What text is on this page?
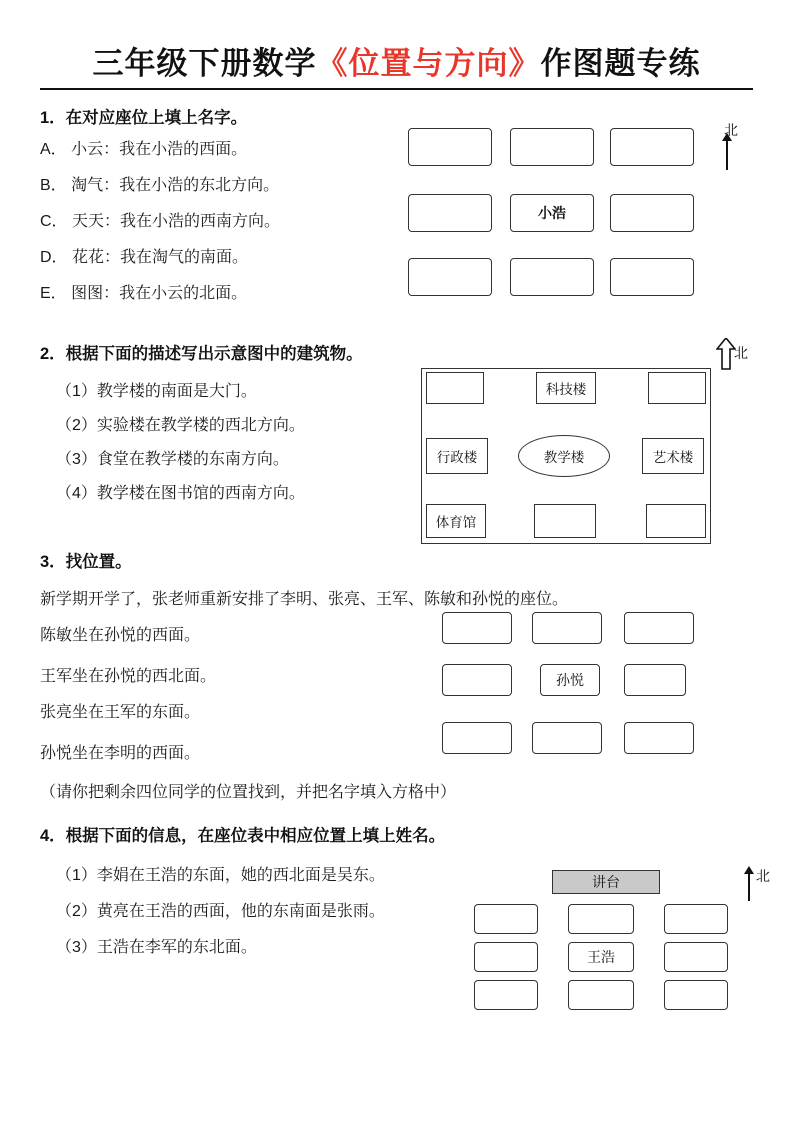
三年级下册数学《位置与方向》作图题专练
1．在对应座位上填上名字。
A． 小云：我在小浩的西面。
B． 淘气：我在小浩的东北方向。
C． 天天：我在小浩的西南方向。
D． 花花：我在淘气的南面。
E． 图图：我在小云的北面。
北
小浩
2．根据下面的描述写出示意图中的建筑物。
（1）教学楼的南面是大门。
（2）实验楼在教学楼的西北方向。
（3）食堂在教学楼的东南方向。
（4）教学楼在图书馆的西南方向。
北
科技楼
行政楼	教学楼	艺术楼
体育馆
3．找位置。
新学期开学了，张老师重新安排了李明、张亮、王军、陈敏和孙悦的座位。
陈敏坐在孙悦的西面。
王军坐在孙悦的西北面。
张亮坐在王军的东面。
孙悦坐在李明的西面。
（请你把剩余四位同学的位置找到，并把名字填入方格中）
孙悦
4．根据下面的信息，在座位表中相应位置上填上姓名。
（1）李娟在王浩的东面，她的西北面是吴东。
（2）黄亮在王浩的西面，他的东南面是张雨。
（3）王浩在李军的东北面。
北
讲台
王浩
